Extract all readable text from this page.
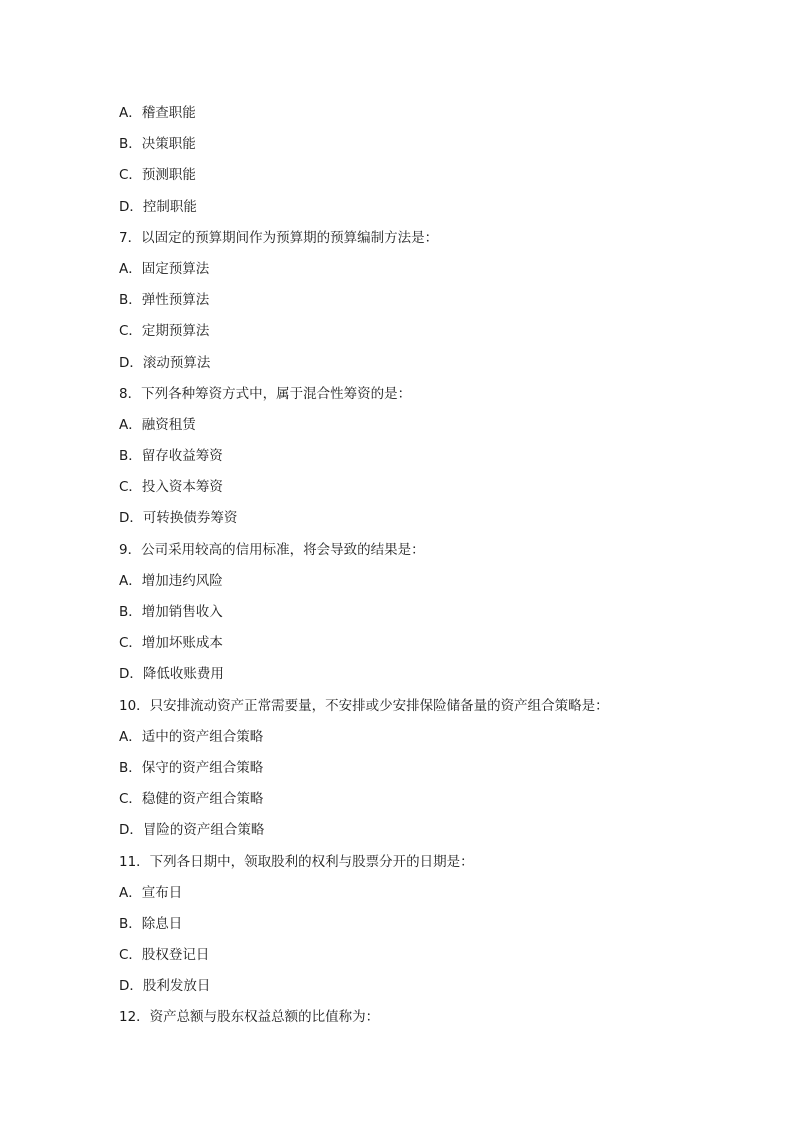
A．稽查职能
B．决策职能
C．预测职能
D．控制职能
7．以固定的预算期间作为预算期的预算编制方法是：
A．固定预算法
B．弹性预算法
C．定期预算法
D．滚动预算法
8．下列各种筹资方式中，属于混合性筹资的是：
A．融资租赁
B．留存收益筹资
C．投入资本筹资
D．可转换债券筹资
9．公司采用较高的信用标准，将会导致的结果是：
A．增加违约风险
B．增加销售收入
C．增加坏账成本
D．降低收账费用
10．只安排流动资产正常需要量，不安排或少安排保险储备量的资产组合策略是：
A．适中的资产组合策略
B．保守的资产组合策略
C．稳健的资产组合策略
D．冒险的资产组合策略
11．下列各日期中，领取股利的权利与股票分开的日期是：
A．宣布日
B．除息日
C．股权登记日
D．股利发放日
12．资产总额与股东权益总额的比值称为：
